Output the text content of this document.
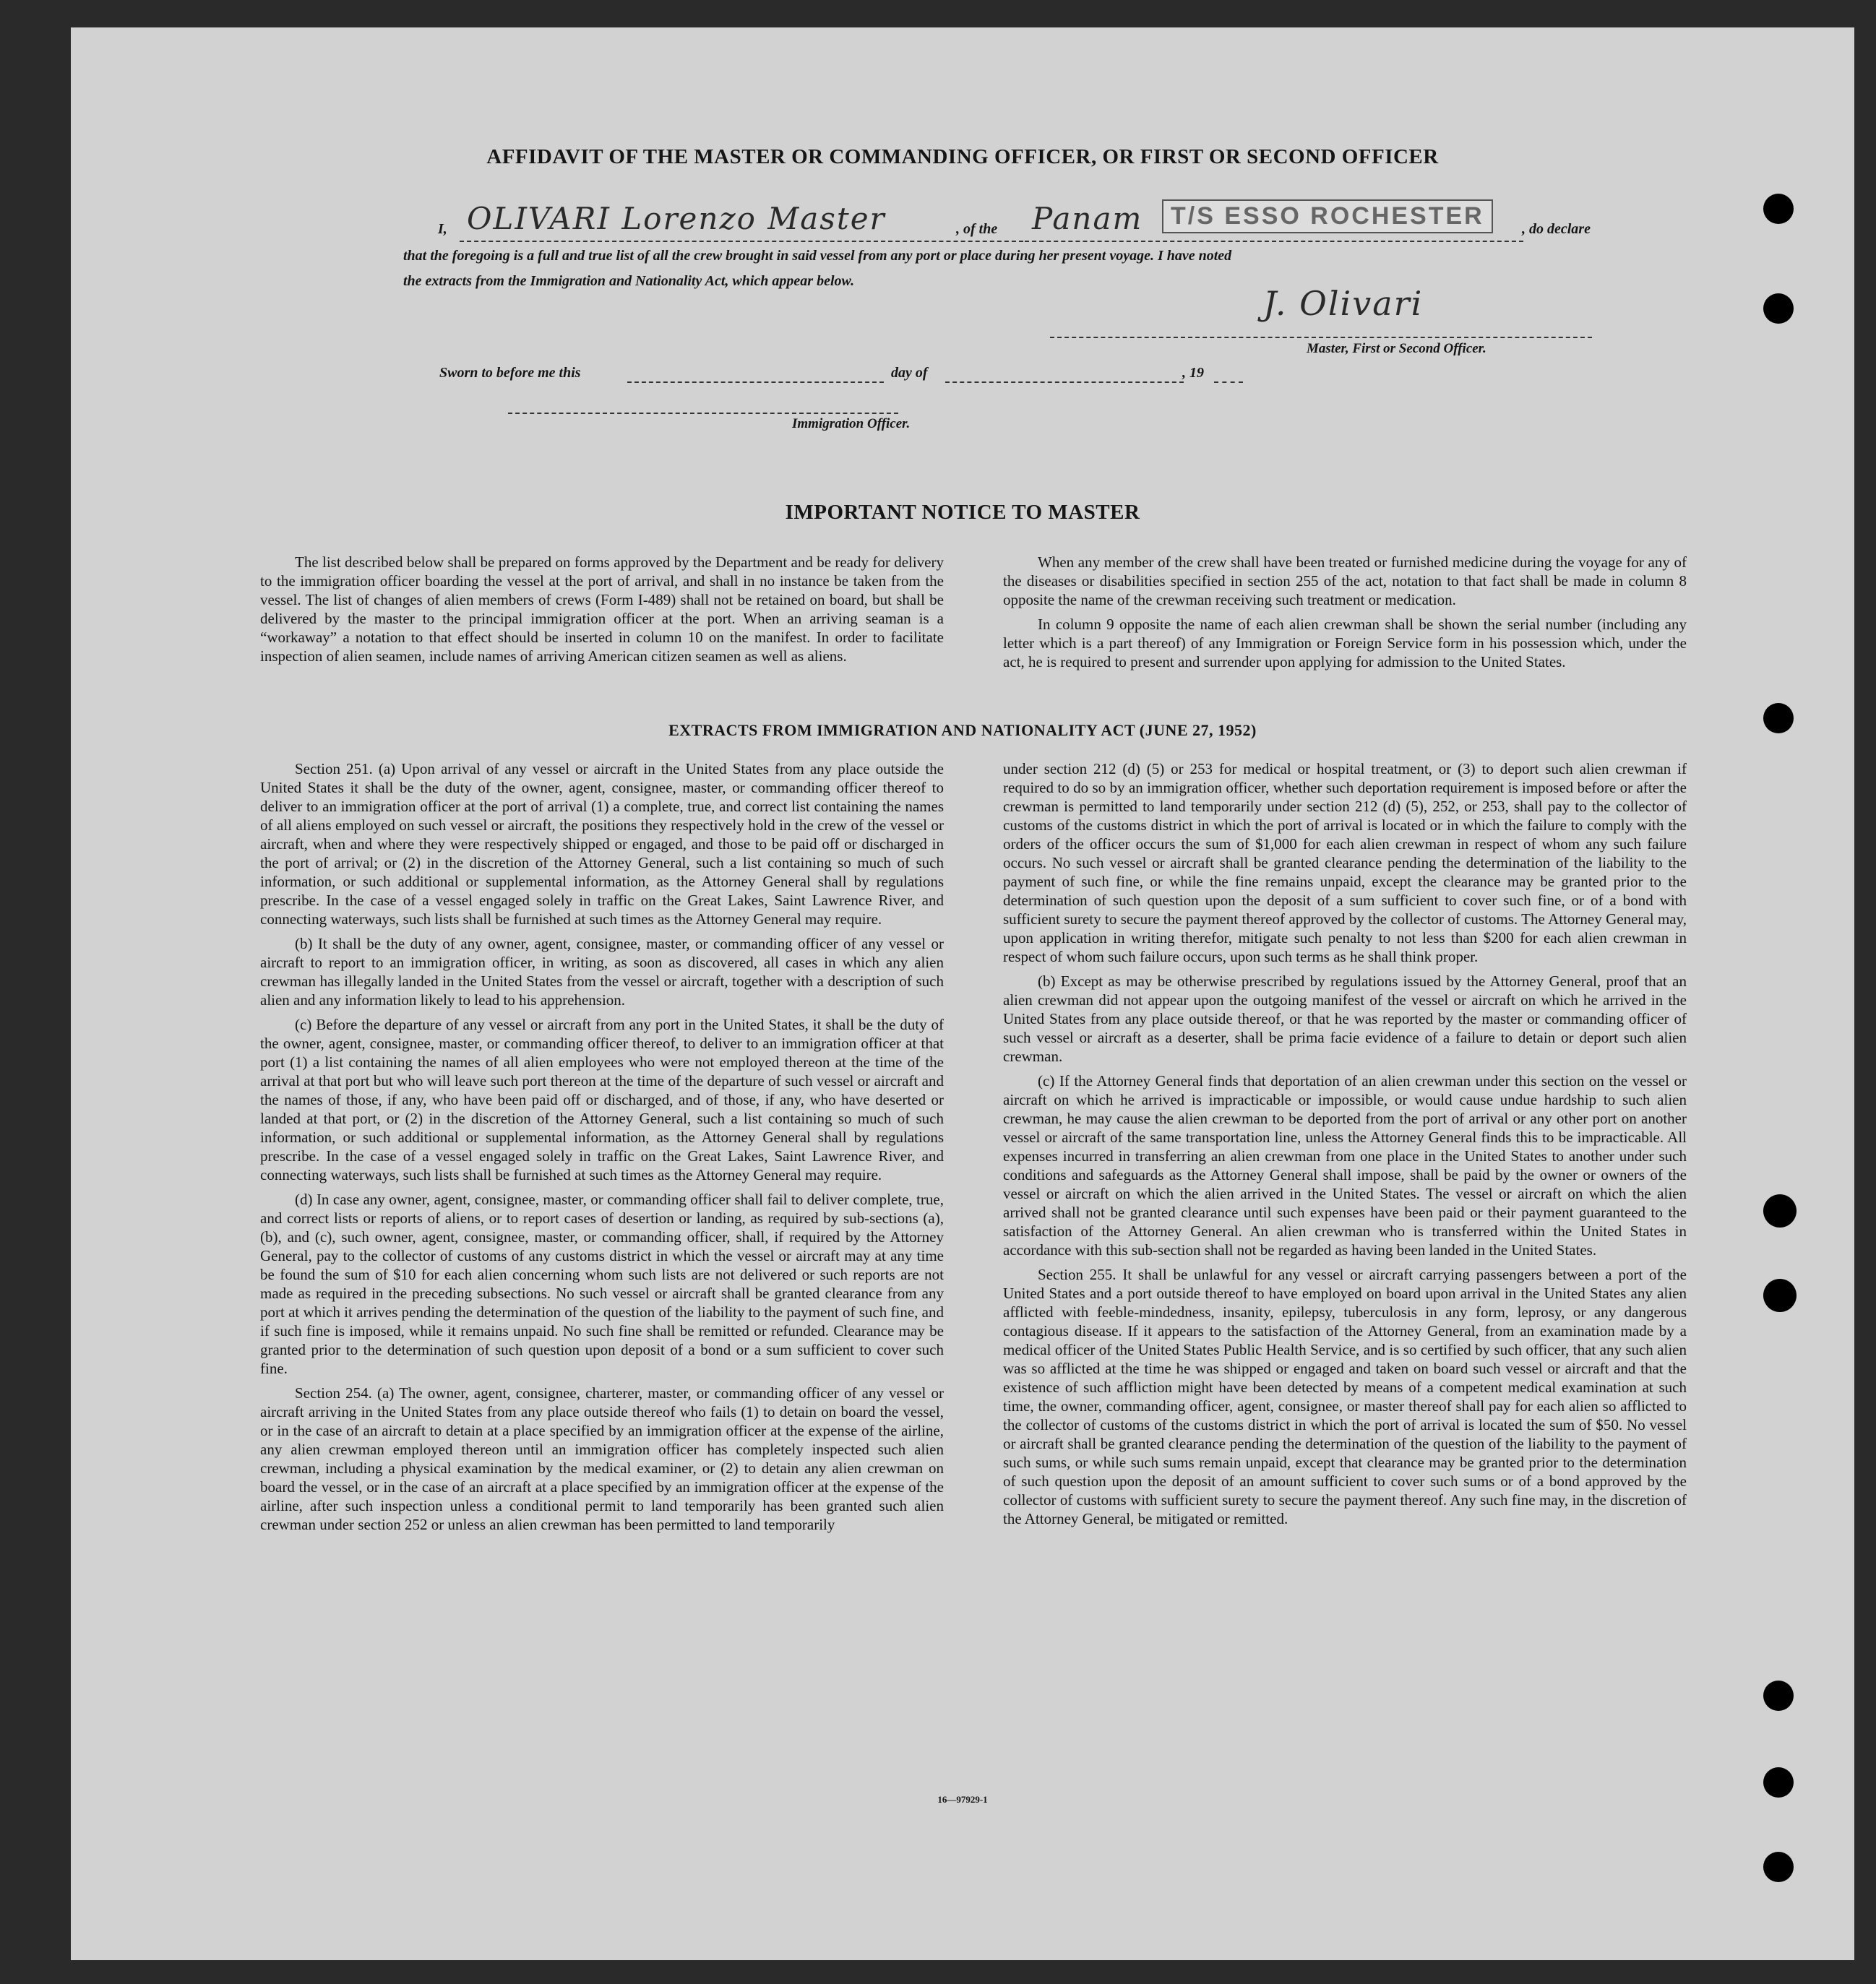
AFFIDAVIT OF THE MASTER OR COMMANDING OFFICER, OR FIRST OR SECOND OFFICER
I, OLIVARI Lorenzo Master	, of the Panam	T/S ESSO ROCHESTER	, do declare
that the foregoing is a full and true list of all the crew brought in said vessel from any port or place during her present voyage. I have noted
the extracts from the Immigration and Nationality Act, which appear below.
J. Olivari
Master, First or Second Officer.
Sworn to before me this	day of	, 19
Immigration Officer.
IMPORTANT NOTICE TO MASTER

The list described below shall be prepared on forms approved by the Department and be ready for delivery to the immigration officer boarding the vessel at the port of arrival, and shall in no instance be taken from the vessel. The list of changes of alien members of crews (Form I-489) shall not be retained on board, but shall be delivered by the master to the principal immigration officer at the port. When an arriving seaman is a “workaway” a notation to that effect should be inserted in column 10 on the manifest. In order to facilitate inspection of alien seamen, include names of arriving American citizen seamen as well as aliens.

When any member of the crew shall have been treated or furnished medicine during the voyage for any of the diseases or disabilities specified in section 255 of the act, notation to that fact shall be made in column 8 opposite the name of the crewman receiving such treatment or medication.

In column 9 opposite the name of each alien crewman shall be shown the serial number (including any letter which is a part thereof) of any Immigration or Foreign Service form in his possession which, under the act, he is required to present and surrender upon applying for admission to the United States.

EXTRACTS FROM IMMIGRATION AND NATIONALITY ACT (JUNE 27, 1952)

Section 251. (a) Upon arrival of any vessel or aircraft in the United States from any place outside the United States it shall be the duty of the owner, agent, consignee, master, or commanding officer thereof to deliver to an immigration officer at the port of arrival (1) a complete, true, and correct list containing the names of all aliens employed on such vessel or aircraft, the positions they respectively hold in the crew of the vessel or aircraft, when and where they were respectively shipped or engaged, and those to be paid off or discharged in the port of arrival; or (2) in the discretion of the Attorney General, such a list containing so much of such information, or such additional or supplemental information, as the Attorney General shall by regulations prescribe. In the case of a vessel engaged solely in traffic on the Great Lakes, Saint Lawrence River, and connecting waterways, such lists shall be furnished at such times as the Attorney General may require.

(b) It shall be the duty of any owner, agent, consignee, master, or commanding officer of any vessel or aircraft to report to an immigration officer, in writing, as soon as discovered, all cases in which any alien crewman has illegally landed in the United States from the vessel or aircraft, together with a description of such alien and any information likely to lead to his apprehension.

(c) Before the departure of any vessel or aircraft from any port in the United States, it shall be the duty of the owner, agent, consignee, master, or commanding officer thereof, to deliver to an immigration officer at that port (1) a list containing the names of all alien employees who were not employed thereon at the time of the arrival at that port but who will leave such port thereon at the time of the departure of such vessel or aircraft and the names of those, if any, who have been paid off or discharged, and of those, if any, who have deserted or landed at that port, or (2) in the discretion of the Attorney General, such a list containing so much of such information, or such additional or supplemental information, as the Attorney General shall by regulations prescribe. In the case of a vessel engaged solely in traffic on the Great Lakes, Saint Lawrence River, and connecting waterways, such lists shall be furnished at such times as the Attorney General may require.

(d) In case any owner, agent, consignee, master, or commanding officer shall fail to deliver complete, true, and correct lists or reports of aliens, or to report cases of desertion or landing, as required by sub-sections (a), (b), and (c), such owner, agent, consignee, master, or commanding officer, shall, if required by the Attorney General, pay to the collector of customs of any customs district in which the vessel or aircraft may at any time be found the sum of $10 for each alien concerning whom such lists are not delivered or such reports are not made as required in the preceding subsections. No such vessel or aircraft shall be granted clearance from any port at which it arrives pending the determination of the question of the liability to the payment of such fine, and if such fine is imposed, while it remains unpaid. No such fine shall be remitted or refunded. Clearance may be granted prior to the determination of such question upon deposit of a bond or a sum sufficient to cover such fine.

Section 254. (a) The owner, agent, consignee, charterer, master, or commanding officer of any vessel or aircraft arriving in the United States from any place outside thereof who fails (1) to detain on board the vessel, or in the case of an aircraft to detain at a place specified by an immigration officer at the expense of the airline, any alien crewman employed thereon until an immigration officer has completely inspected such alien crewman, including a physical examination by the medical examiner, or (2) to detain any alien crewman on board the vessel, or in the case of an aircraft at a place specified by an immigration officer at the expense of the airline, after such inspection unless a conditional permit to land temporarily has been granted such alien crewman under section 252 or unless an alien crewman has been permitted to land temporarily

under section 212 (d) (5) or 253 for medical or hospital treatment, or (3) to deport such alien crewman if required to do so by an immigration officer, whether such deportation requirement is imposed before or after the crewman is permitted to land temporarily under section 212 (d) (5), 252, or 253, shall pay to the collector of customs of the customs district in which the port of arrival is located or in which the failure to comply with the orders of the officer occurs the sum of $1,000 for each alien crewman in respect of whom any such failure occurs. No such vessel or aircraft shall be granted clearance pending the determination of the liability to the payment of such fine, or while the fine remains unpaid, except the clearance may be granted prior to the determination of such question upon the deposit of a sum sufficient to cover such fine, or of a bond with sufficient surety to secure the payment thereof approved by the collector of customs. The Attorney General may, upon application in writing therefor, mitigate such penalty to not less than $200 for each alien crewman in respect of whom such failure occurs, upon such terms as he shall think proper.

(b) Except as may be otherwise prescribed by regulations issued by the Attorney General, proof that an alien crewman did not appear upon the outgoing manifest of the vessel or aircraft on which he arrived in the United States from any place outside thereof, or that he was reported by the master or commanding officer of such vessel or aircraft as a deserter, shall be prima facie evidence of a failure to detain or deport such alien crewman.

(c) If the Attorney General finds that deportation of an alien crewman under this section on the vessel or aircraft on which he arrived is impracticable or impossible, or would cause undue hardship to such alien crewman, he may cause the alien crewman to be deported from the port of arrival or any other port on another vessel or aircraft of the same transportation line, unless the Attorney General finds this to be impracticable. All expenses incurred in transferring an alien crewman from one place in the United States to another under such conditions and safeguards as the Attorney General shall impose, shall be paid by the owner or owners of the vessel or aircraft on which the alien arrived in the United States. The vessel or aircraft on which the alien arrived shall not be granted clearance until such expenses have been paid or their payment guaranteed to the satisfaction of the Attorney General. An alien crewman who is transferred within the United States in accordance with this sub-section shall not be regarded as having been landed in the United States.

Section 255. It shall be unlawful for any vessel or aircraft carrying passengers between a port of the United States and a port outside thereof to have employed on board upon arrival in the United States any alien afflicted with feeble-mindedness, insanity, epilepsy, tuberculosis in any form, leprosy, or any dangerous contagious disease. If it appears to the satisfaction of the Attorney General, from an examination made by a medical officer of the United States Public Health Service, and is so certified by such officer, that any such alien was so afflicted at the time he was shipped or engaged and taken on board such vessel or aircraft and that the existence of such affliction might have been detected by means of a competent medical examination at such time, the owner, commanding officer, agent, consignee, or master thereof shall pay for each alien so afflicted to the collector of customs of the customs district in which the port of arrival is located the sum of $50. No vessel or aircraft shall be granted clearance pending the determination of the question of the liability to the payment of such sums, or while such sums remain unpaid, except that clearance may be granted prior to the determination of such question upon the deposit of an amount sufficient to cover such sums or of a bond approved by the collector of customs with sufficient surety to secure the payment thereof. Any such fine may, in the discretion of the Attorney General, be mitigated or remitted.

16—97929-1
